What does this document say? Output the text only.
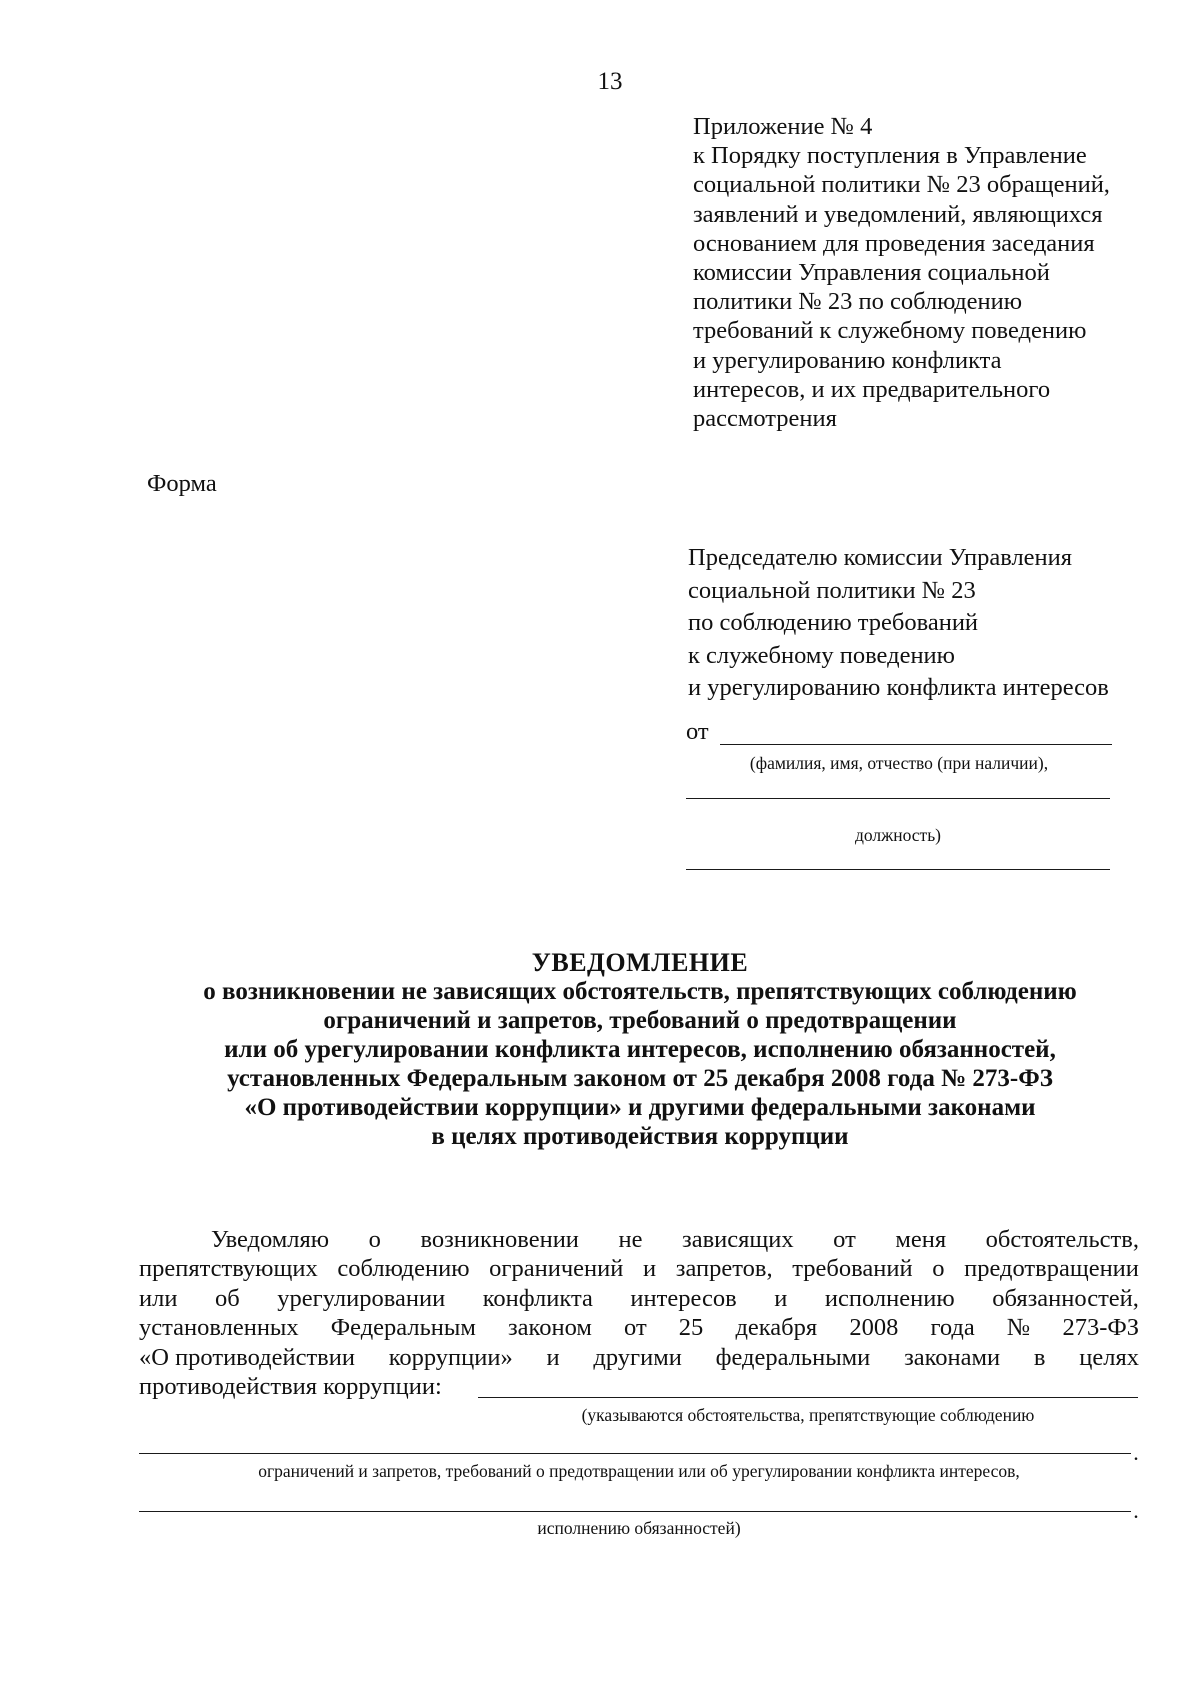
13
Приложение № 4
к Порядку поступления в Управление
социальной политики № 23 обращений,
заявлений и уведомлений, являющихся
основанием для проведения заседания
комиссии Управления социальной
политики № 23 по соблюдению
требований к служебному поведению
и урегулированию конфликта
интересов, и их предварительного
рассмотрения
Форма
Председателю комиссии Управления
социальной политики № 23
по соблюдению требований
к служебному поведению
и урегулированию конфликта интересов
от
(фамилия, имя, отчество (при наличии),
должность)
УВЕДОМЛЕНИЕ
о возникновении не зависящих обстоятельств, препятствующих соблюдению
ограничений и запретов, требований о предотвращении
или об урегулировании конфликта интересов, исполнению обязанностей,
установленных Федеральным законом от 25 декабря 2008 года № 273-ФЗ
«О противодействии коррупции» и другими федеральными законами
в целях противодействия коррупции
Уведомляю о возникновении не зависящих от меня обстоятельств,
препятствующих соблюдению ограничений и запретов, требований о предотвращении
или об урегулировании конфликта интересов и исполнению обязанностей,
установленных Федеральным законом от 25 декабря 2008 года № 273-ФЗ
«О противодействии коррупции» и другими федеральными законами в целях
противодействия коррупции:
(указываются обстоятельства, препятствующие соблюдению
.
ограничений и запретов, требований о предотвращении или об урегулировании конфликта интересов,
.
исполнению обязанностей)
